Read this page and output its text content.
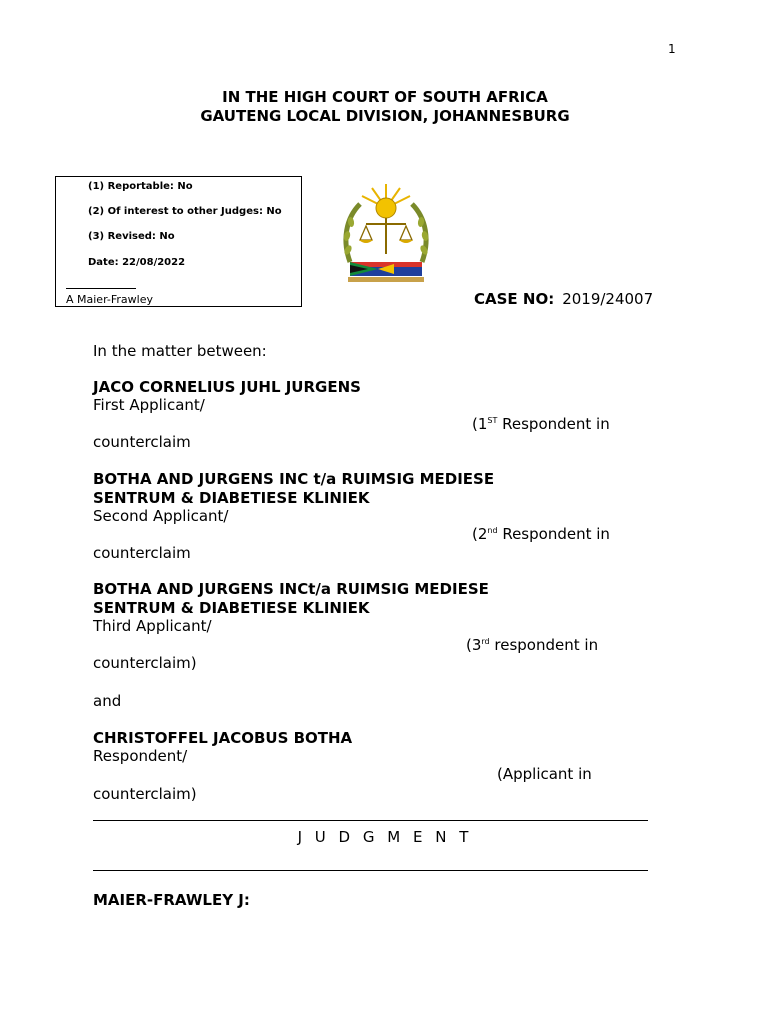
1
IN THE HIGH COURT OF SOUTH AFRICA
GAUTENG LOCAL DIVISION, JOHANNESBURG
(1) Reportable: No
(2) Of interest to other Judges: No
(3) Revised: No
Date: 22/08/2022
A Maier-Frawley	CASE NO: 2019/24007
In the matter between:
JACO CORNELIUS JUHL JURGENS
First Applicant/
(1ST Respondent in
counterclaim
BOTHA AND JURGENS INC t/a RUIMSIG MEDIESE
SENTRUM & DIABETIESE KLINIEK
Second Applicant/
(2nd Respondent in
counterclaim
BOTHA AND JURGENS INCt/a RUIMSIG MEDIESE
SENTRUM & DIABETIESE KLINIEK
Third Applicant/
(3rd respondent in
counterclaim)
and
CHRISTOFFEL JACOBUS BOTHA
Respondent/
(Applicant in
counterclaim)
J U D G M E N T
MAIER-FRAWLEY J:
